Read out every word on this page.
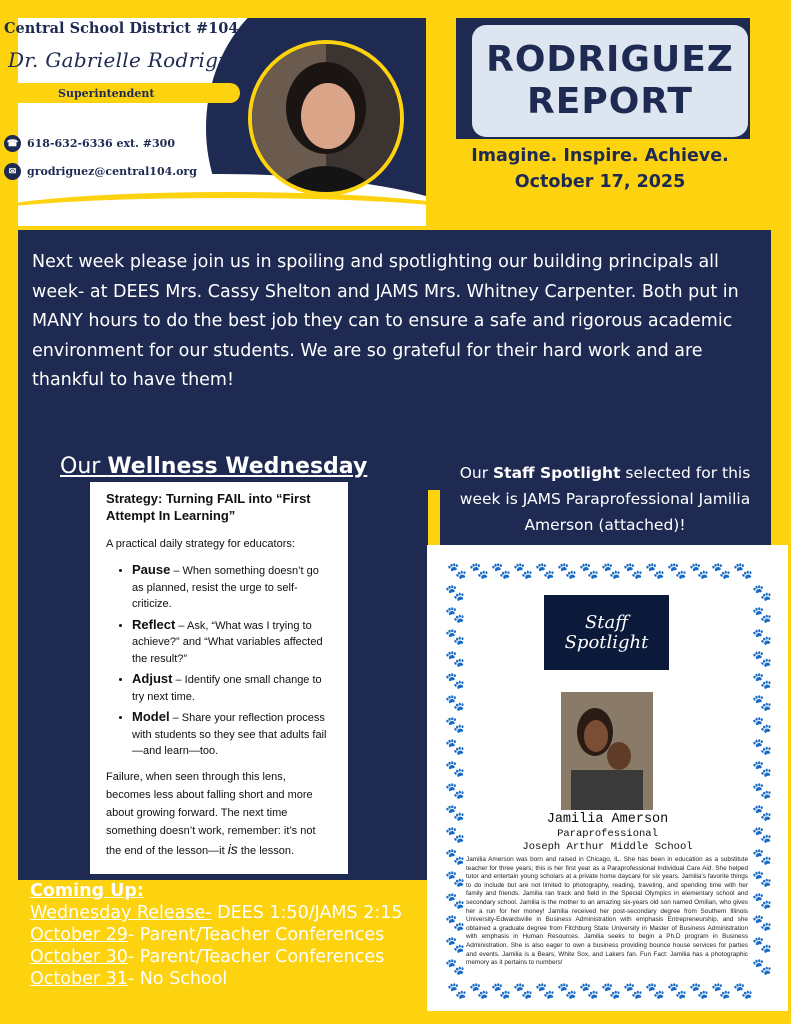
Central School District #104
Dr. Gabrielle Rodriguez
Superintendent
☎ 618-632-6336 ext. #300
✉ grodriguez@central104.org
RODRIGUEZ
REPORT
Imagine. Inspire. Achieve.
October 17, 2025
Next week please join us in spoiling and spotlighting our building principals all week- at DEES Mrs. Cassy Shelton and JAMS Mrs. Whitney Carpenter. Both put in MANY hours to do the best job they can to ensure a safe and rigorous academic environment for our students. We are so grateful for their hard work and are thankful to have them!
Our Wellness Wednesday
Strategy: Turning FAIL into “First Attempt In Learning”

A practical daily strategy for educators:

• Pause – When something doesn’t go as planned, resist the urge to self-criticize.
• Reflect – Ask, “What was I trying to achieve?” and “What variables affected the result?”
• Adjust – Identify one small change to try next time.
• Model – Share your reflection process with students so they see that adults fail—and learn—too.
Failure, when seen through this lens, becomes less about falling short and more about growing forward. The next time something doesn’t work, remember: it’s not the end of the lesson—it is the lesson.
Our Staff Spotlight selected for this week is JAMS Paraprofessional Jamilia Amerson (attached)!
🐾
🐾
🐾
🐾
🐾
🐾
🐾
🐾
🐾
🐾
🐾
🐾
🐾
🐾
🐾
🐾
🐾
🐾
🐾
🐾
🐾
🐾
🐾
🐾
🐾
🐾
🐾
🐾
🐾	🐾
🐾	🐾
🐾	🐾
🐾	🐾
🐾	🐾
🐾	🐾
🐾	🐾
🐾	🐾
🐾	🐾
🐾	🐾
🐾	🐾
🐾	🐾
🐾	🐾
🐾	🐾
🐾	🐾
🐾	🐾
🐾	🐾
🐾	🐾
Staff
Spotlight
Jamilia Amerson
Paraprofessional
Joseph Arthur Middle School
Jamilia Amerson was born and raised in Chicago, IL. She has been in education as a substitute teacher for three years; this is her first year as a Paraprofessional Individual Care Aid. She helped tutor and entertain young scholars at a private home daycare for six years. Jamilia's favorite things to do include but are not limited to photography, reading, traveling, and spending time with her family and friends. Jamilia ran track and field in the Special Olympics in elementary school and secondary school. Jamilia is the mother to an amazing six-years old son named Omilian, who gives her a run for her money! Jamilia received her post-secondary degree from Southern Illinois University-Edwardsville in Business Administration with emphasis Entrepreneurship, and she obtained a graduate degree from Fitchburg State University in Master of Business Administration with emphasis in Human Resources. Jamilia seeks to begin a Ph.D program in Business Administration. She is also eager to own a business providing bounce house services for parties and events. Jamilia is a Bears, White Sox, and Lakers fan. Fun Fact: Jamilia has a photographic memory as it pertains to numbers!
Coming Up:
Wednesday Release- DEES 1:50/JAMS 2:15
October 29- Parent/Teacher Conferences
October 30- Parent/Teacher Conferences
October 31- No School
